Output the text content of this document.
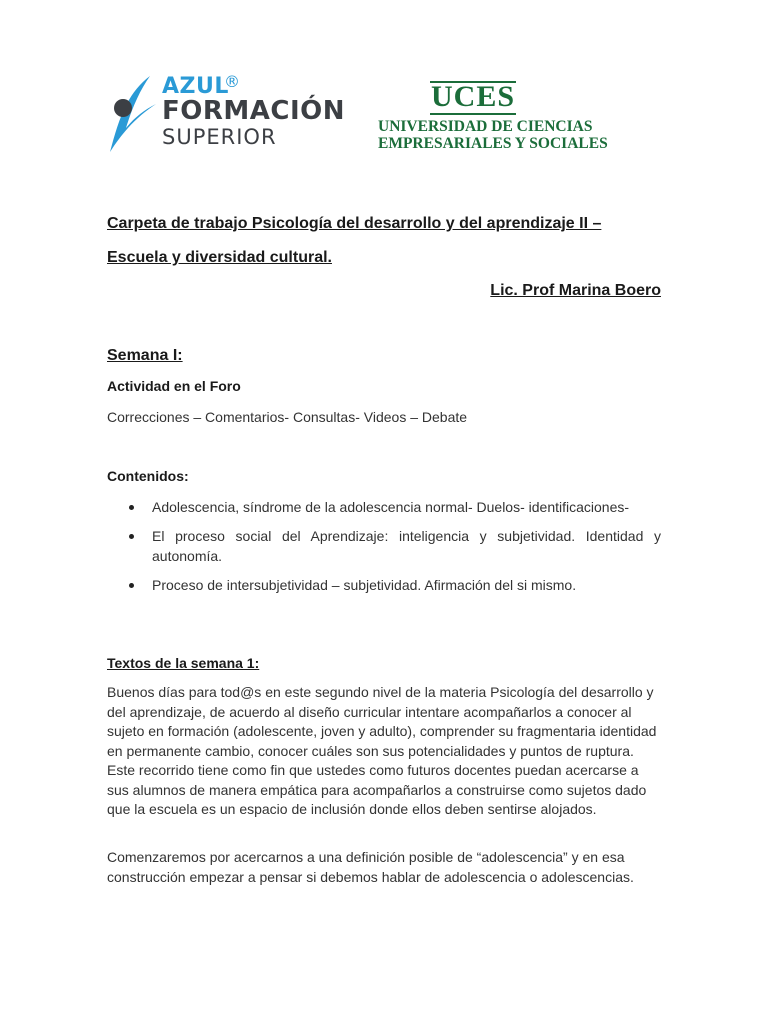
AZUL
®
FORMACIÓN
SUPERIOR
UCES
UNIVERSIDAD DE CIENCIAS
EMPRESARIALES Y SOCIALES
Carpeta de trabajo Psicología del desarrollo y del aprendizaje II –
Escuela y diversidad cultural.
Lic. Prof Marina Boero
Semana I:
Actividad en el Foro
Correcciones – Comentarios- Consultas- Videos – Debate
Contenidos:
Adolescencia, síndrome de la adolescencia normal- Duelos- identificaciones-
El proceso social del Aprendizaje: inteligencia y subjetividad. Identidad y autonomía.
Proceso de intersubjetividad – subjetividad. Afirmación del si mismo.
Textos de la semana 1:

Buenos días para tod@s en este segundo nivel de la materia Psicología del desarrollo y del aprendizaje, de acuerdo al diseño curricular intentare acompañarlos a conocer al sujeto en formación (adolescente, joven y adulto), comprender su fragmentaria identidad en permanente cambio, conocer cuáles son sus potencialidades y puntos de ruptura. Este recorrido tiene como fin que ustedes como futuros docentes puedan acercarse a sus alumnos de manera empática para acompañarlos a construirse como sujetos dado que la escuela es un espacio de inclusión donde ellos deben sentirse alojados.

Comenzaremos por acercarnos a una definición posible de “adolescencia” y en esa construcción empezar a pensar si debemos hablar de adolescencia o adolescencias.
